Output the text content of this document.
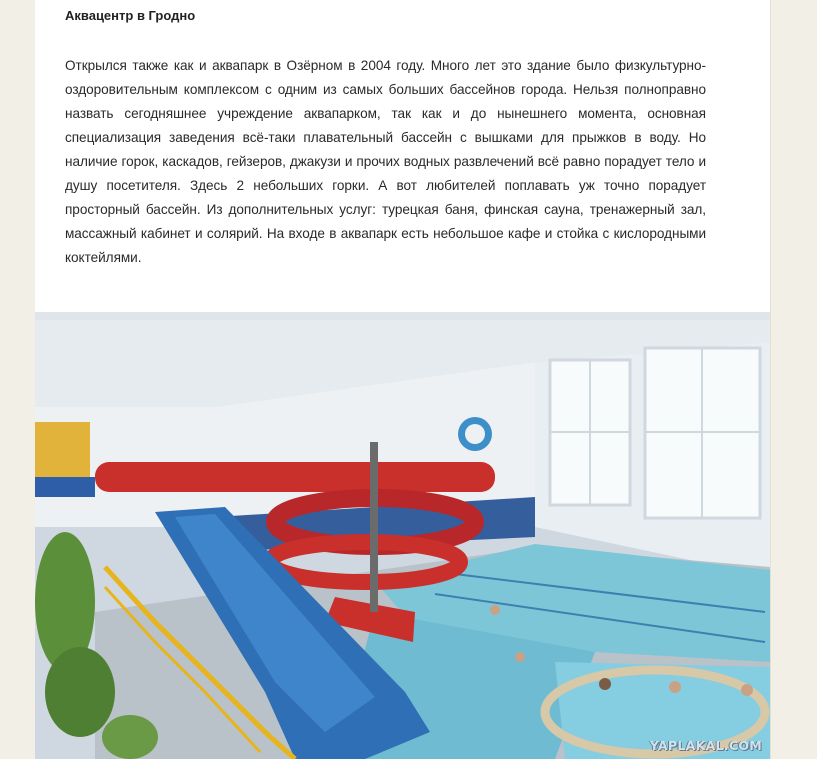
Аквацентр в Гродно
Открылся также как и аквапарк в Озёрном в 2004 году. Много лет это здание было физкультурно-оздоровительным комплексом с одним из самых больших бассейнов города. Нельзя полноправно назвать сегодняшнее учреждение аквапарком, так как и до нынешнего момента, основная специализация заведения всё-таки плавательный бассейн с вышками для прыжков в воду. Но наличие горок, каскадов, гейзеров, джакузи и прочих водных развлечений всё равно порадует тело и душу посетителя. Здесь 2 небольших горки. А вот любителей поплавать уж точно порадует просторный бассейн. Из дополнительных услуг: турецкая баня, финская сауна, тренажерный зал, массажный кабинет и солярий. На входе в аквапарк есть небольшое кафе и стойка с кислородными коктейлями.
YAPLAKAL.COM
